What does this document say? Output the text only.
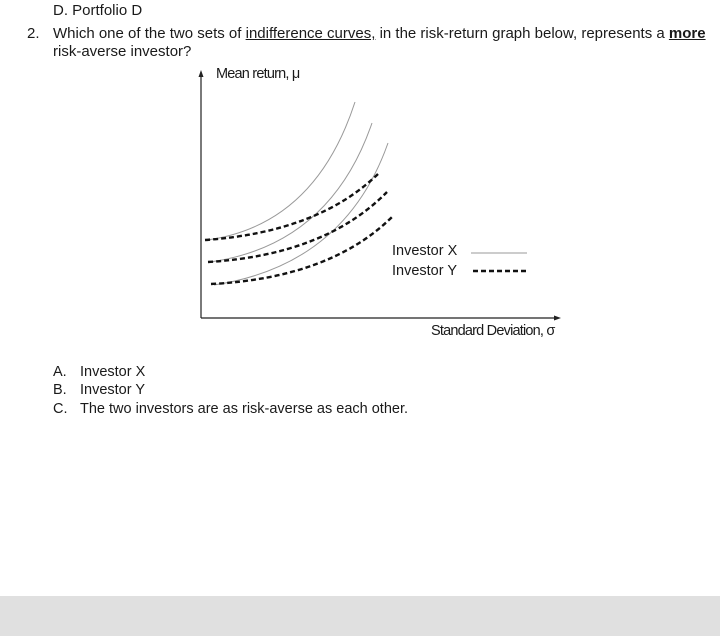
D. Portfolio D
2. Which one of the two sets of indifference curves, in the risk-return graph below, represents a more
risk-averse investor?
Mean return, μ
Standard Deviation, σ
Investor X
Investor Y
A. Investor X
B. Investor Y
C. The two investors are as risk-averse as each other.
